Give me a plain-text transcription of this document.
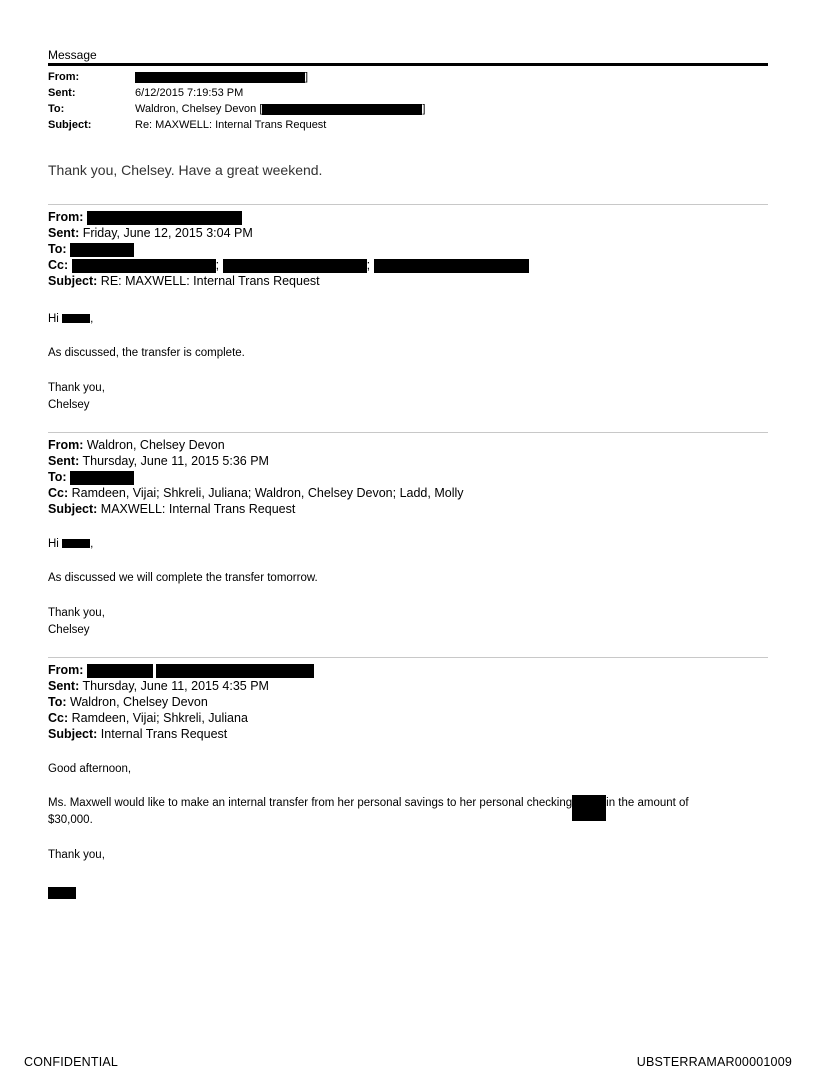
Message
From:	]
Sent:	6/12/2015 7:19:53 PM
To:	Waldron, Chelsey Devon [	]
Subject:	Re: MAXWELL: Internal Trans Request
Thank you, Chelsey. Have a great weekend.
From:
Sent: Friday, June 12, 2015 3:04 PM
To:
Cc:	;	;
Subject: RE: MAXWELL: Internal Trans Request
Hi	,
As discussed, the transfer is complete.
Thank you,
Chelsey
From: Waldron, Chelsey Devon
Sent: Thursday, June 11, 2015 5:36 PM
To:
Cc: Ramdeen, Vijai; Shkreli, Juliana; Waldron, Chelsey Devon; Ladd, Molly
Subject: MAXWELL: Internal Trans Request
Hi	,
As discussed we will complete the transfer tomorrow.
Thank you,
Chelsey
From:
Sent: Thursday, June 11, 2015 4:35 PM
To: Waldron, Chelsey Devon
Cc: Ramdeen, Vijai; Shkreli, Juliana
Subject: Internal Trans Request
Good afternoon,
Ms. Maxwell would like to make an internal transfer from her personal savings to her personal checking	in the amount of
$30,000.
Thank you,
CONFIDENTIAL	UBSTERRAMAR00001009
